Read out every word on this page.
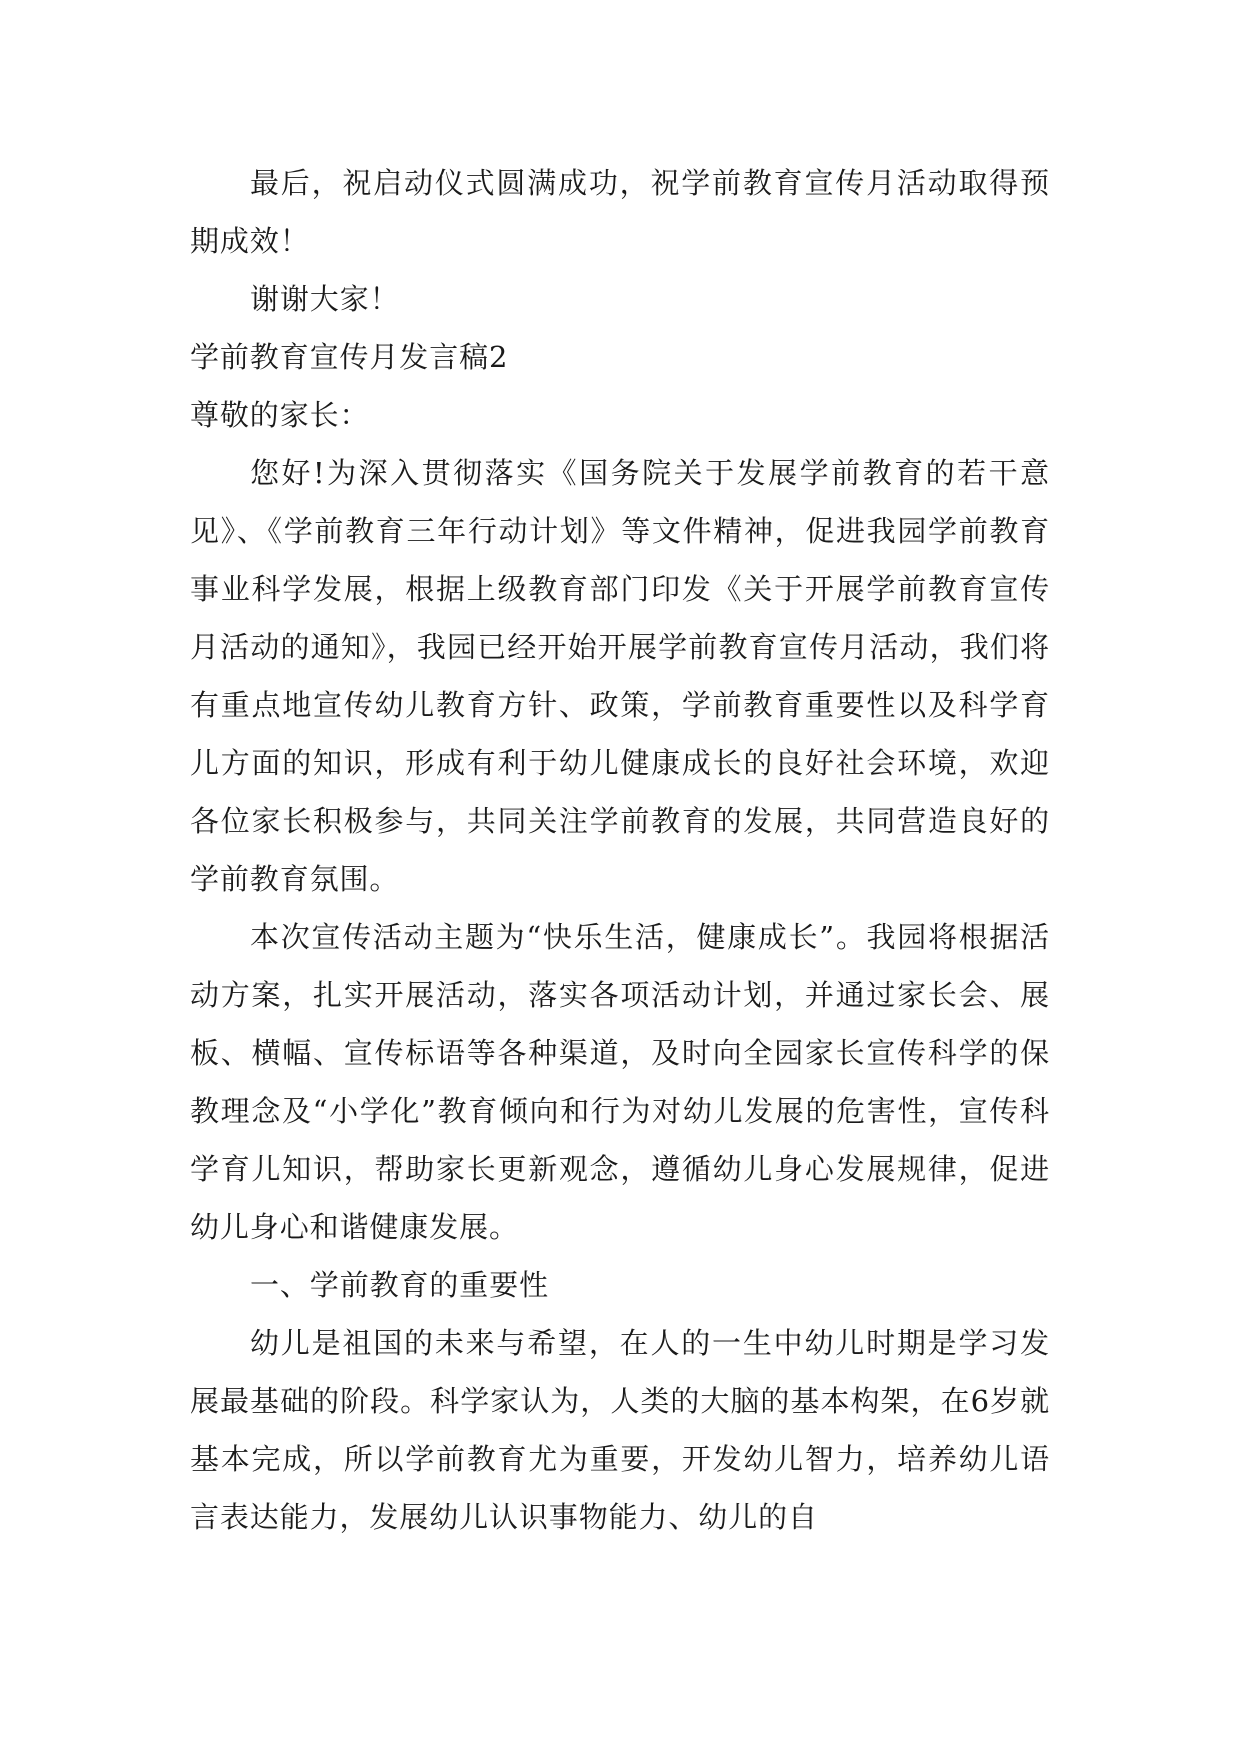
最后，祝启动仪式圆满成功，祝学前教育宣传月活动取得预期成效！

谢谢大家！

学前教育宣传月发言稿2

尊敬的家长：

您好!为深入贯彻落实《国务院关于发展学前教育的若干意见》、《学前教育三年行动计划》等文件精神，促进我园学前教育事业科学发展，根据上级教育部门印发《关于开展学前教育宣传月活动的通知》，我园已经开始开展学前教育宣传月活动，我们将有重点地宣传幼儿教育方针、政策，学前教育重要性以及科学育儿方面的知识，形成有利于幼儿健康成长的良好社会环境，欢迎各位家长积极参与，共同关注学前教育的发展，共同营造良好的学前教育氛围。

本次宣传活动主题为“快乐生活，健康成长”。我园将根据活动方案，扎实开展活动，落实各项活动计划，并通过家长会、展板、横幅、宣传标语等各种渠道，及时向全园家长宣传科学的保教理念及“小学化”教育倾向和行为对幼儿发展的危害性，宣传科学育儿知识，帮助家长更新观念，遵循幼儿身心发展规律，促进幼儿身心和谐健康发展。

一、学前教育的重要性

幼儿是祖国的未来与希望，在人的一生中幼儿时期是学习发展最基础的阶段。科学家认为，人类的大脑的基本构架，在6岁就基本完成，所以学前教育尤为重要，开发幼儿智力，培养幼儿语言表达能力，发展幼儿认识事物能力、幼儿的自
